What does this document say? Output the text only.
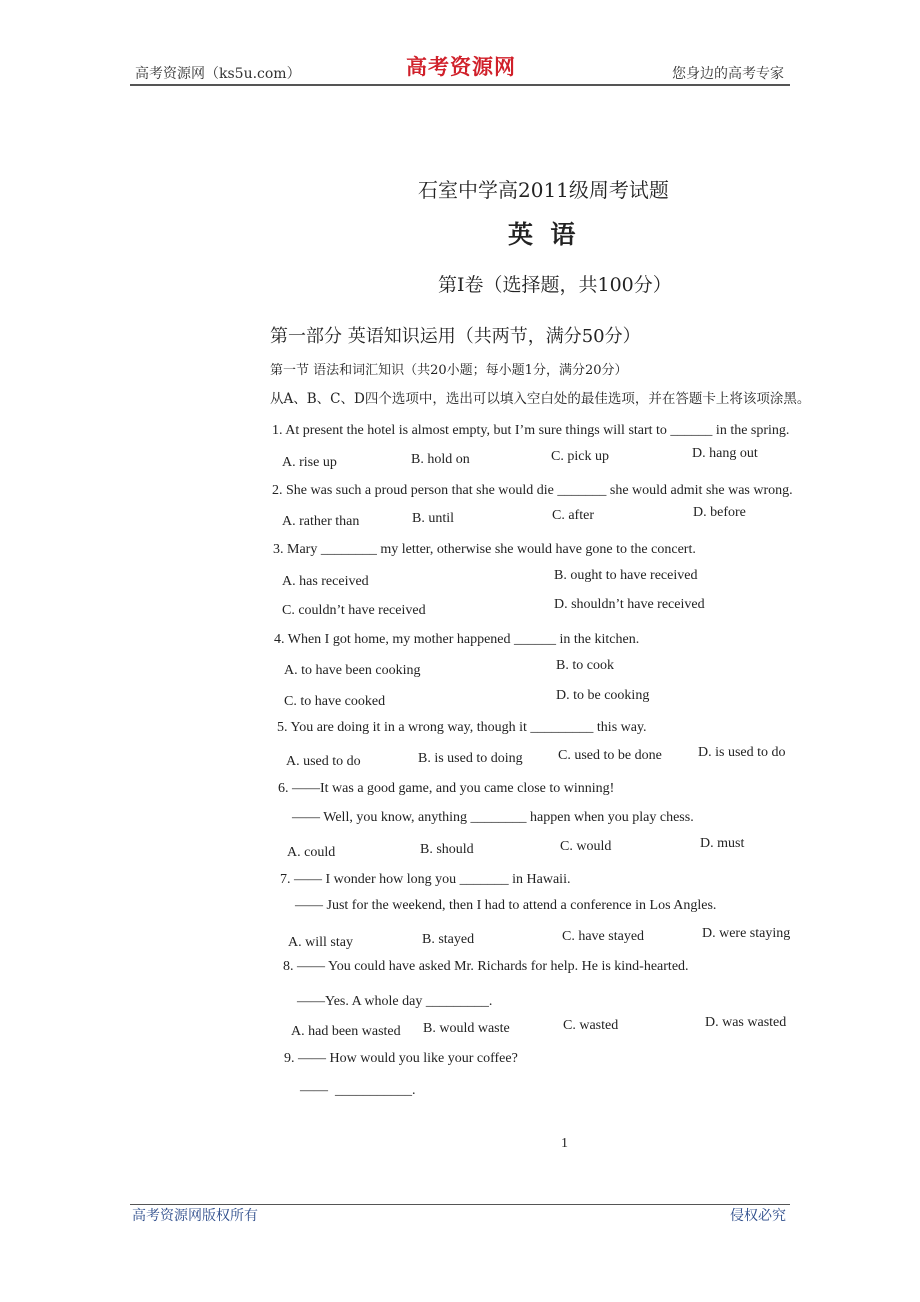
高考资源网（ks5u.com）	高考资源网	您身边的高考专家
石室中学高2011级周考试题
英  语
第Ⅰ卷（选择题，共100分）
第一部分 英语知识运用（共两节，满分50分）
第一节 语法和词汇知识（共20小题；每小题1分，满分20分）
从A、B、C、D四个选项中，选出可以填入空白处的最佳选项，并在答题卡上将该项涂黑。
1. At present the hotel is almost empty, but I’m sure things will start to ______ in the spring.
A. rise up	B. hold on	C. pick up	D. hang out
2. She was such a proud person that she would die _______ she would admit she was wrong.
A. rather than	B. until	C. after	D. before
3. Mary ________ my letter, otherwise she would have gone to the concert.
A. has received	B. ought to have received
C. couldn’t have received	D. shouldn’t have received
4. When I got home, my mother happened ______ in the kitchen.
A. to have been cooking	B. to cook
C. to have cooked	D. to be cooking
5. You are doing it in a wrong way, though it _________ this way.
A. used to do	B. is used to doing	C. used to be done	D. is used to do
6. ——It was a good game, and you came close to winning!
—— Well, you know, anything ________ happen when you play chess.
A. could	B. should	C. would	D. must
7. —— I wonder how long you _______ in Hawaii.
—— Just for the weekend, then I had to attend a conference in Los Angles.
A. will stay	B. stayed	C. have stayed	D. were staying
8. —— You could have asked Mr. Richards for help. He is kind-hearted.
——Yes. A whole day _________.
A. had been wasted B. would waste	C. wasted	D. was wasted
9. —— How would you like your coffee?
——  ___________.
1
高考资源网版权所有	侵权必究
